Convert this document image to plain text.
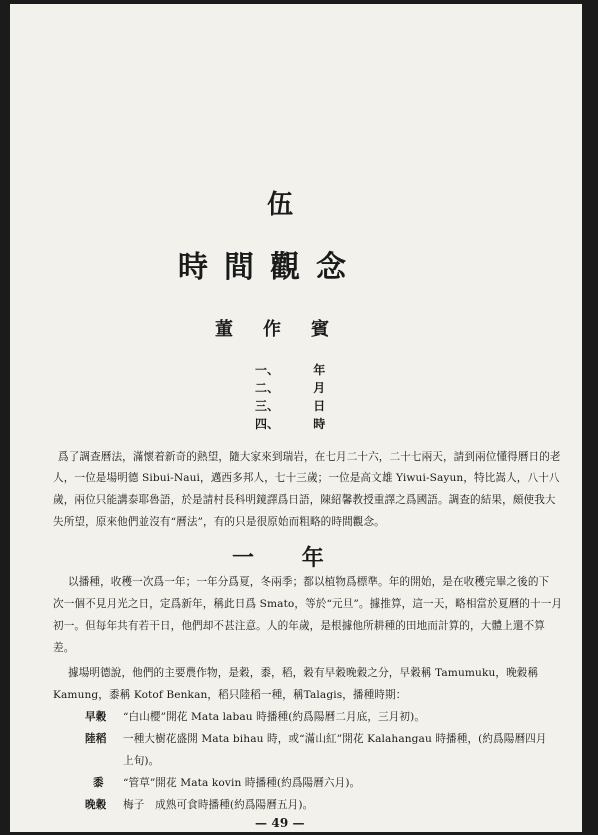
伍
時間觀念
董作賓
一、	年
二、	月
三、	日
四、	時
爲了調查曆法，滿懷着新奇的熱望，隨大家來到瑞岩，在七月二十六，二十七兩天，請到兩位懂得曆日的老
人，一位是場明德 Sibui-Naui，邁西多邦人，七十三歲；一位是高文雄 Yiwui-Sayun，特比嵩人，八十八
歲，兩位只能講泰耶魯語，於是請村長科明鏡譯爲日語，陳紹馨教授重譯之爲國語。調查的結果，頗使我大
失所望，原來他們並沒有“曆法”，有的只是很原始而粗略的時間觀念。
一 年
以播種，收穫一次爲一年；一年分爲夏，冬兩季；都以植物爲標準。年的開始，是在收穫完畢之後的下
次一個不見月光之日，定爲新年，稱此日爲 Smato，等於“元旦”。據推算，這一天，略相當於夏曆的十一月
初一。但每年共有若干日，他們却不甚注意。人的年歲，是根據他所耕種的田地而計算的，大體上還不算
差。
據場明德說，他們的主要農作物，是穀，黍，稻，穀有早穀晚穀之分，早穀稱 Tamumuku，晚穀稱
Kamung，黍稱 Kotof Benkan，稻只陸稻一種，稱Talagis，播種時期：
早穀 “白山櫻”開花 Mata labau 時播種(約爲陽曆二月底，三月初)。
陸稻 一種大樹花盛開 Mata bihau 時，或“滿山紅”開花 Kalahangau 時播種，(約爲陽曆四月
上旬)。
黍 “管草”開花 Mata kovin 時播種(約爲陽曆六月)。
晚穀 梅子　成熟可食時播種(約爲陽曆五月)。
— 49 —
